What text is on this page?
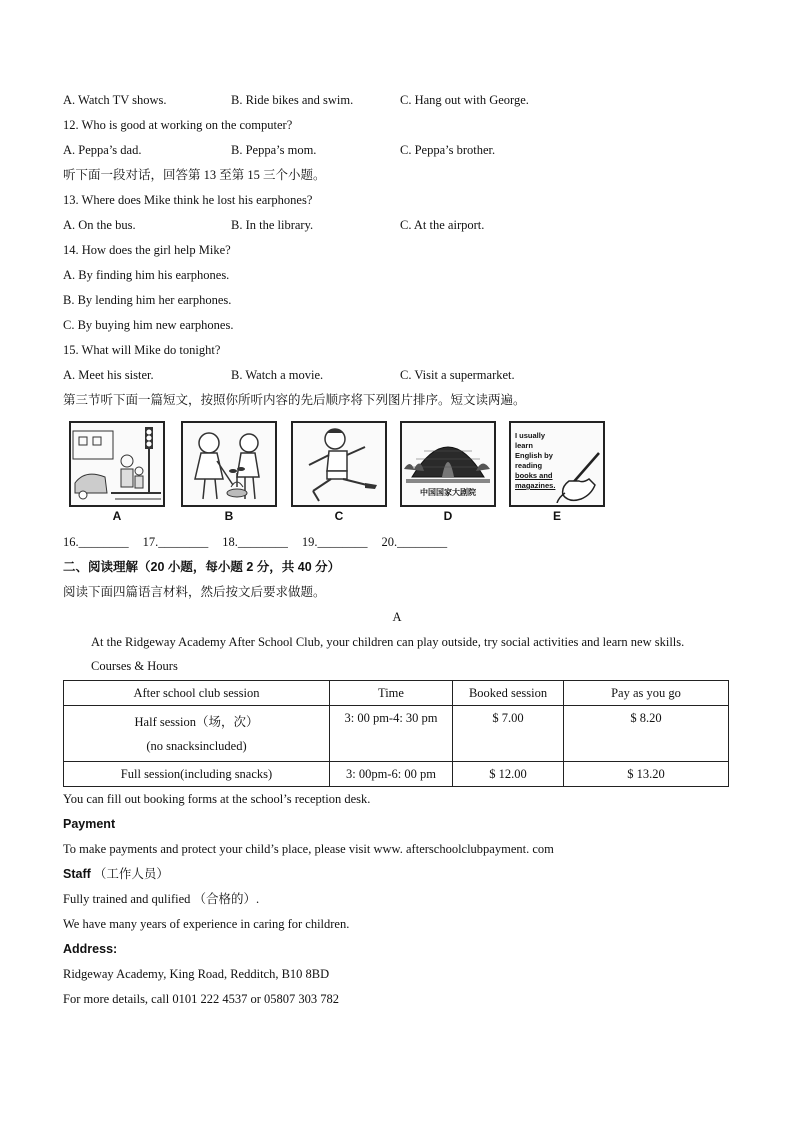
A. Watch TV shows.	B. Ride bikes and swim.	C. Hang out with George.
12. Who is good at working on the computer?
A. Peppa’s dad.	B. Peppa’s mom.	C. Peppa’s brother.
听下面一段对话，回答第 13 至第 15 三个小题。
13. Where does Mike think he lost his earphones?
A. On the bus.	B. In the library.	C. At the airport.
14. How does the girl help Mike?
A. By finding him his earphones.
B. By lending him her earphones.
C. By buying him new earphones.
15. What will Mike do tonight?
A. Meet his sister.	B. Watch a movie.	C. Visit a supermarket.
第三节听下面一篇短文，按照你所听内容的先后顺序将下列图片排序。短文读两遍。
A	B	C
中国国家大剧院
D
I usually
learn
English by
reading
books and
magazines.
E
16.________ 17.________ 18.________ 19.________ 20.________
二、阅读理解（20 小题，每小题 2 分，共 40 分）
阅读下面四篇语言材料，然后按文后要求做题。
A
At the Ridgeway Academy After School Club, your children can play outside, try social activities and learn new skills.
Courses & Hours
After school club session	Time	Booked session	Pay as you go

Half session（场，次）
(no snacksincluded)	3: 00 pm-4: 30 pm	$ 7.00	$ 8.20
Full session(including snacks)	3: 00pm-6: 00 pm	$ 12.00	$ 13.20
You can fill out booking forms at the school’s reception desk.
Payment
To make payments and protect your child’s place, please visit www. afterschoolclubpayment. com
Staff （工作人员）
Fully trained and qulified （合格的）.
We have many years of experience in caring for children.
Address:
Ridgeway Academy, King Road, Redditch, B10 8BD
For more details, call 0101 222 4537 or 05807 303 782
